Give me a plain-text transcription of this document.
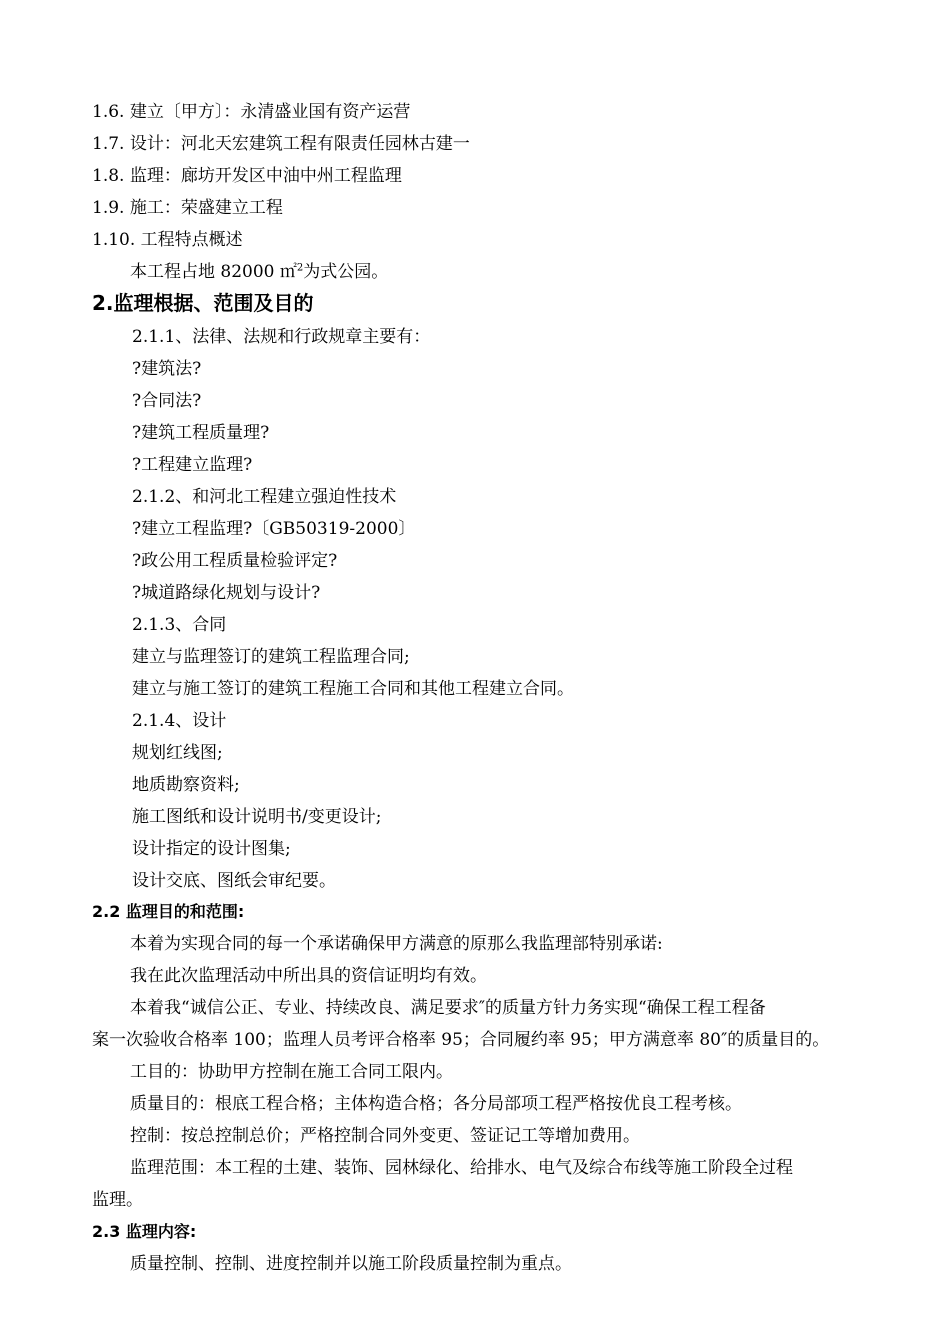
1.6. 建立〔甲方〕：永清盛业国有资产运营
1.7. 设计：河北天宏建筑工程有限责任园林古建一
1.8. 监理：廊坊开发区中油中州工程监理
1.9. 施工：荣盛建立工程
1.10. 工程特点概述
本工程占地 82000 ㎡$^2$为式公园。
2.监理根据、范围及目的
2.1.1、法律、法规和行政规章主要有：
?建筑法?
?合同法?
?建筑工程质量理?
?工程建立监理?
2.1.2、和河北工程建立强迫性技术
?建立工程监理?〔GB50319-2000〕
?政公用工程质量检验评定?
?城道路绿化规划与设计?
2.1.3、合同
建立与监理签订的建筑工程监理合同;
建立与施工签订的建筑工程施工合同和其他工程建立合同。
2.1.4、设计
规划红线图;
地质勘察资料;
施工图纸和设计说明书/变更设计;
设计指定的设计图集;
设计交底、图纸会审纪要。
2.2 监理目的和范围:
本着为实现合同的每一个承诺确保甲方满意的原那么我监理部特别承诺:
我在此次监理活动中所出具的资信证明均有效。
本着我“诚信公正、专业、持续改良、满足要求″的质量方针力务实现“确保工程工程备
案一次验收合格率 100；监理人员考评合格率 95；合同履约率 95；甲方满意率 80″的质量目的。
工目的：协助甲方控制在施工合同工限内。
质量目的：根底工程合格；主体构造合格；各分局部项工程严格按优良工程考核。
控制：按总控制总价；严格控制合同外变更、签证记工等增加费用。
监理范围：本工程的土建、装饰、园林绿化、给排水、电气及综合布线等施工阶段全过程
监理。
2.3 监理内容:
质量控制、控制、进度控制并以施工阶段质量控制为重点。
